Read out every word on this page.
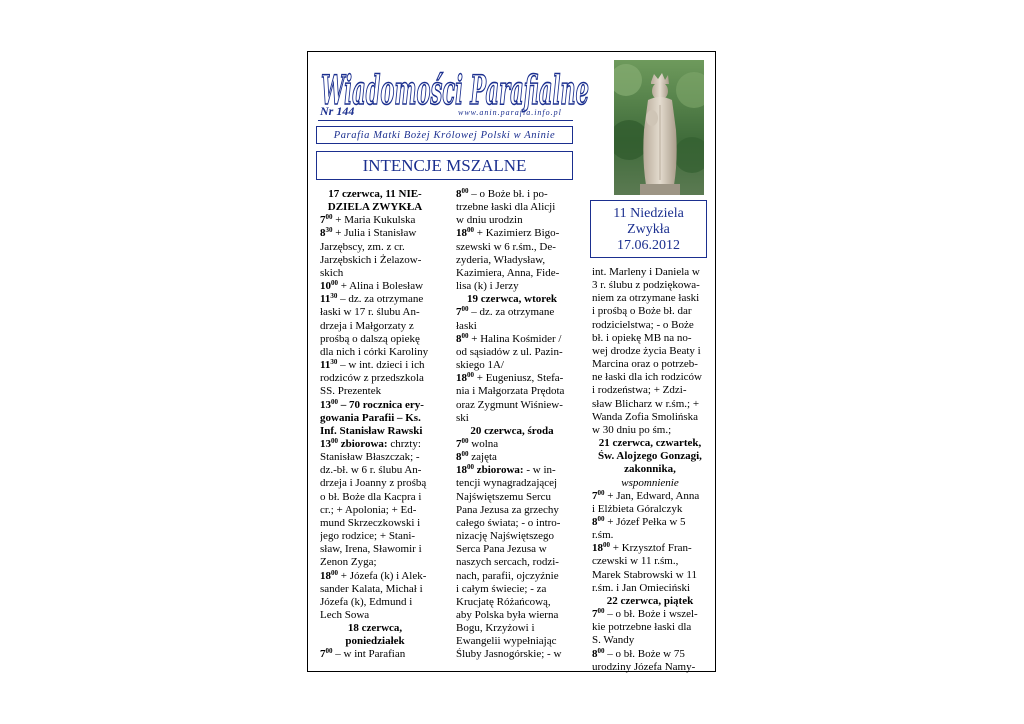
Wiadomości Parafialne
Nr 144	www.anin.parafia.info.pl
Parafia Matki Bożej Królowej Polski w Aninie
INTENCJE MSZALNE
11 Niedziela
Zwykła
17.06.2012
17 czerwca, 11 NIE-
DZIELA ZWYKŁA
$7^{00}$ + Maria Kukulska
$8^{30}$ + Julia i Stanisław
Jarzębscy, zm. z cr.
Jarzębskich i Żelazow-
skich
$10^{00}$ + Alina i Bolesław
$11^{30}$ – dz. za otrzymane
łaski w 17 r. ślubu An-
drzeja i Małgorzaty z
prośbą o dalszą opiekę
dla nich i córki Karoliny
$11^{30}$ – w int. dzieci i ich
rodziców z przedszkola
SS. Prezentek
$13^{00} - 70$ rocznica ery-
gowania Parafii – Ks.
Inf. Stanisław Rawski
$13^{00}$ zbiorowa: chrzty:
Stanisław Błaszczak; -
dz.-bł. w 6 r. ślubu An-
drzeja i Joanny z prośbą
o bł. Boże dla Kacpra i
cr.; + Apolonia; + Ed-
mund Skrzeczkowski i
jego rodzice; + Stani-
sław, Irena, Sławomir i
Zenon Zyga;
$18^{00}$ + Józefa (k) i Alek-
sander Kalata, Michał i
Józefa (k), Edmund i
Lech Sowa
18 czerwca,
poniedziałek
$7^{00}$ – w int Parafian
$8^{00}$ – o Boże bł. i po-
trzebne łaski dla Alicji
w dniu urodzin
$18^{00}$ + Kazimierz Bigo-
szewski w 6 r.śm., De-
zyderia, Władysław,
Kazimiera, Anna, Fide-
lisa (k) i Jerzy
19 czerwca, wtorek
$7^{00}$ – dz. za otrzymane
łaski
$8^{00}$ + Halina Kośmider /
od sąsiadów z ul. Pazin-
skiego 1A/
$18^{00}$ + Eugeniusz, Stefa-
nia i Małgorzata Prędota
oraz Zygmunt Wiśniew-
ski
20 czerwca, środa
$7^{00}$ wolna
$8^{00}$ zajęta
$18^{00}$ zbiorowa: - w in-
tencji wynagradzającej
Najświętszemu Sercu
Pana Jezusa za grzechy
całego świata; - o intro-
nizację Najświętszego
Serca Pana Jezusa w
naszych sercach, rodzi-
nach, parafii, ojczyźnie
i całym świecie; - za
Krucjatę Różańcową,
aby Polska była wierna
Bogu, Krzyżowi i
Ewangelii wypełniając
Śluby Jasnogórskie; - w
int. Marleny i Daniela w
3 r. ślubu z podziękowa-
niem za otrzymane łaski
i prośbą o Boże bł. dar
rodzicielstwa; - o Boże
bł. i opiekę MB na no-
wej drodze życia Beaty i
Marcina oraz o potrzeb-
ne łaski dla ich rodziców
i rodzeństwa; + Zdzi-
sław Blicharz w r.śm.; +
Wanda Zofia Smolińska
w 30 dniu po śm.;
21 czerwca, czwartek,
Św. Alojzego Gonzagi,
zakonnika,
wspomnienie
$7^{00}$ + Jan, Edward, Anna
i Elżbieta Góralczyk
$8^{00}$ + Józef Pełka w 5
r.śm.
$18^{00}$ + Krzysztof Fran-
czewski w 11 r.śm.,
Marek Stabrowski w 11
r.śm. i Jan Omieciński
22 czerwca, piątek
$7^{00}$ – o bł. Boże i wszel-
kie potrzebne łaski dla
S. Wandy
$8^{00}$ – o bł. Boże w 75
urodziny Józefa Namy-
